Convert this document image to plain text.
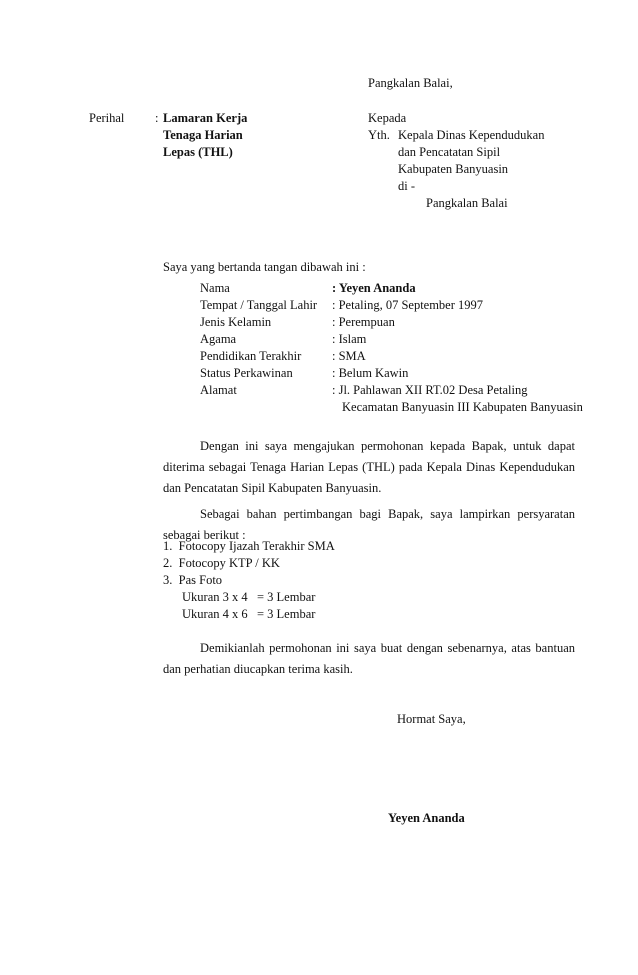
Pangkalan Balai,
Perihal : Lamaran Kerja
Tenaga Harian
Lepas (THL)
Kepada
Yth. Kepala Dinas Kependudukan
dan Pencatatan Sipil
Kabupaten Banyuasin
di -
Pangkalan Balai
Saya yang bertanda tangan dibawah ini :
Nama	: Yeyen Ananda
Tempat / Tanggal Lahir : Petaling, 07 September 1997
Jenis Kelamin	: Perempuan
Agama	: Islam
Pendidikan Terakhir : SMA
Status Perkawinan	: Belum Kawin
Alamat	: Jl. Pahlawan XII RT.02 Desa Petaling
Kecamatan Banyuasin III Kabupaten Banyuasin
Dengan ini saya mengajukan permohonan kepada Bapak, untuk dapat diterima sebagai Tenaga Harian Lepas (THL) pada Kepala Dinas Kependudukan dan Pencatatan Sipil Kabupaten Banyuasin.
Sebagai bahan pertimbangan bagi Bapak, saya lampirkan persyaratan sebagai berikut :
1.  Fotocopy Ijazah Terakhir SMA
2.  Fotocopy KTP / KK
3.  Pas Foto
Ukuran 3 x 4   = 3 Lembar
Ukuran 4 x 6   = 3 Lembar
Demikianlah permohonan ini saya buat dengan sebenarnya, atas bantuan dan perhatian diucapkan terima kasih.
Hormat Saya,
Yeyen Ananda
